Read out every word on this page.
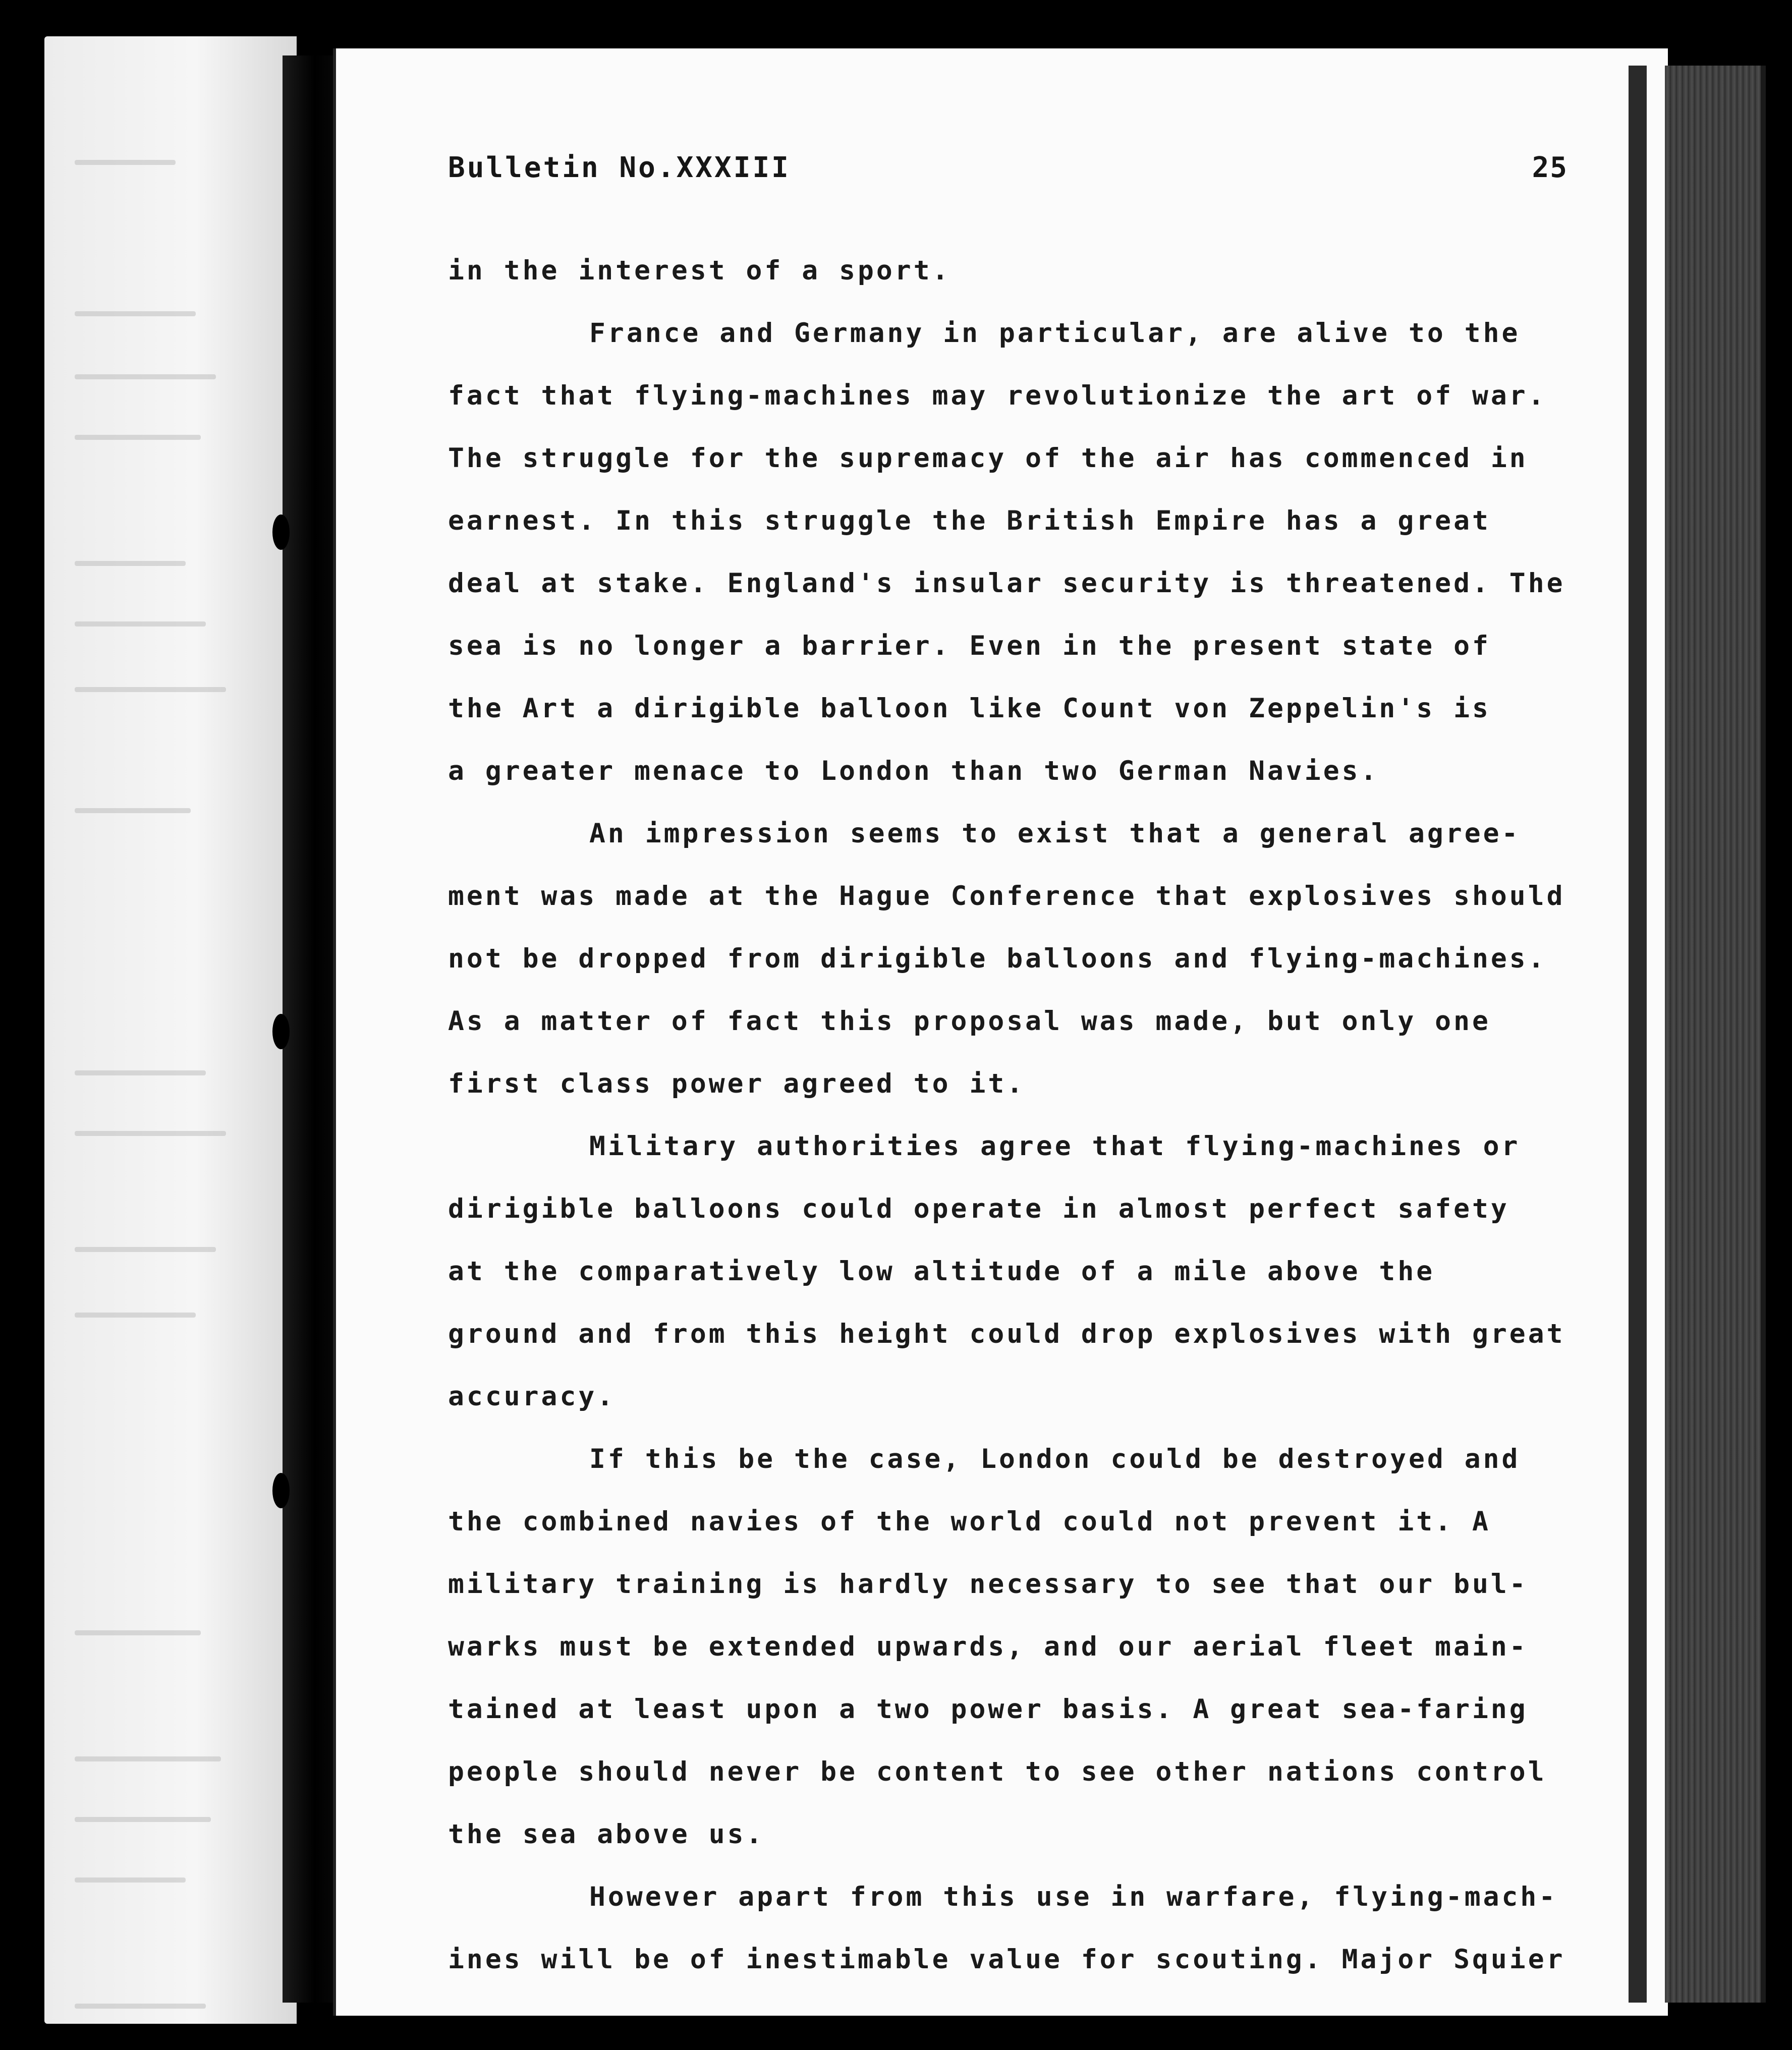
Bulletin No.XXXIII	25
in the interest of a sport.
France and Germany in particular, are alive to the
fact that flying-machines may revolutionize the art of war.
The struggle for the supremacy of the air has commenced in
earnest. In this struggle the British Empire has a great
deal at stake. England's insular security is threatened. The
sea is no longer a barrier. Even in the present state of
the Art a dirigible balloon like Count von Zeppelin's is
a greater menace to London than two German Navies.
An impression seems to exist that a general agree-
ment was made at the Hague Conference that explosives should
not be dropped from dirigible balloons and flying-machines.
As a matter of fact this proposal was made, but only one
first class power agreed to it.
Military authorities agree that flying-machines or
dirigible balloons could operate in almost perfect safety
at the comparatively low altitude of a mile above the
ground and from this height could drop explosives with great
accuracy.
If this be the case, London could be destroyed and
the combined navies of the world could not prevent it. A
military training is hardly necessary to see that our bul-
warks must be extended upwards, and our aerial fleet main-
tained at least upon a two power basis. A great sea-faring
people should never be content to see other nations control
the sea above us.
However apart from this use in warfare, flying-mach-
ines will be of inestimable value for scouting. Major Squier
